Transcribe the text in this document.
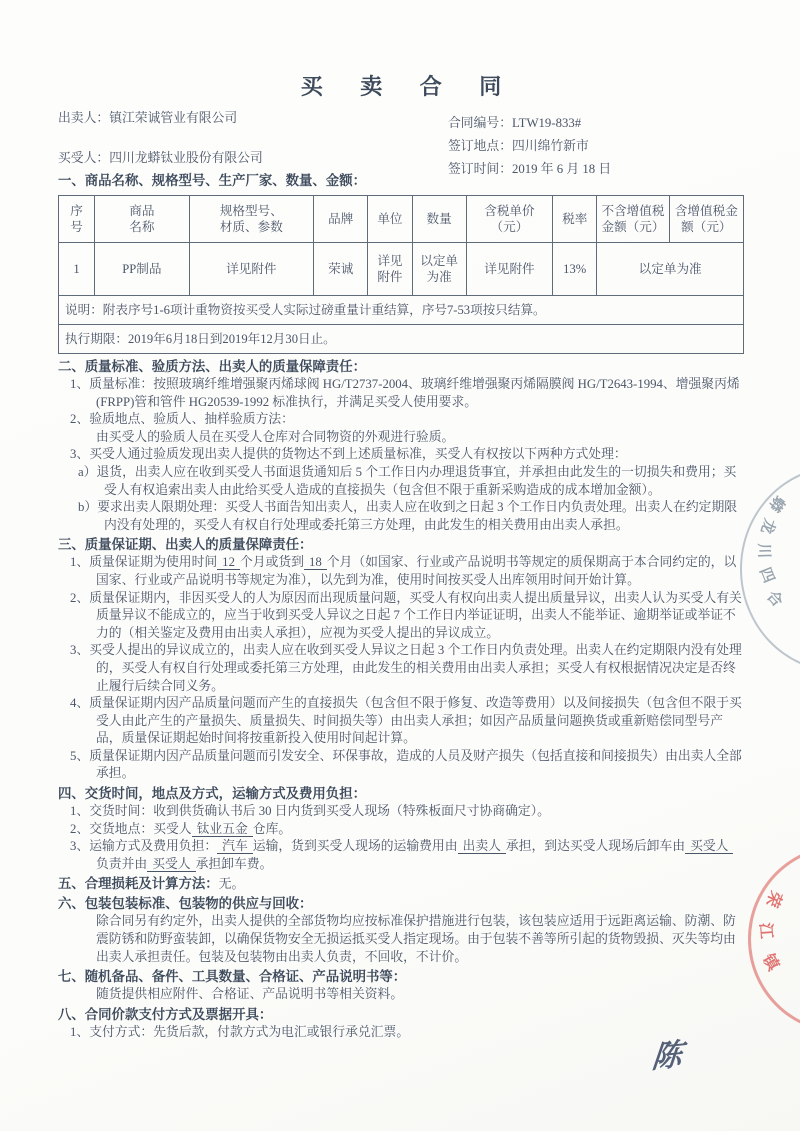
买 卖 合 同
出卖人：镇江荣诚管业有限公司	合同编号：LTW19-833#
签订地点：四川绵竹新市
签订时间：2019 年 6 月 18 日
买受人：四川龙蟒钛业股份有限公司
一、商品名称、规格型号、生产厂家、数量、金额：
序号	商品名称	规格型号、材质、参数	品牌	单位	数量	含税单价（元）	税率	不含增值税金额（元）	含增值税金额（元）
1	PP制品	详见附件	荣诚	详见附件	以定单为准	详见附件	13%	以定单为准	
说明：附表序号1-6项计重物资按买受人实际过磅重量计重结算，序号7-53项按只结算。									
执行期限：2019年6月18日到2019年12月30日止。									
二、质量标准、验质方法、出卖人的质量保障责任：
1、质量标准：按照玻璃纤维增强聚丙烯球阀 HG/T2737-2004、玻璃纤维增强聚丙烯隔膜阀 HG/T2643-1994、增强聚丙烯(FRPP)管和管件 HG20539-1992 标准执行，并满足买受人使用要求。
2、验质地点、验质人、抽样验质方法：
由买受人的验质人员在买受人仓库对合同物资的外观进行验质。
3、买受人通过验质发现出卖人提供的货物达不到上述质量标准，买受人有权按以下两种方式处理：
a）退货，出卖人应在收到买受人书面退货通知后 5 个工作日内办理退货事宜，并承担由此发生的一切损失和费用；买受人有权追索出卖人由此给买受人造成的直接损失（包含但不限于重新采购造成的成本增加金额）。
b）要求出卖人限期处理：买受人书面告知出卖人，出卖人应在收到之日起 3 个工作日内负责处理。出卖人在约定期限内没有处理的，买受人有权自行处理或委托第三方处理，由此发生的相关费用由出卖人承担。
三、质量保证期、出卖人的质量保障责任：
1、质量保证期为使用时间 12 个月或货到 18 个月（如国家、行业或产品说明书等规定的质保期高于本合同约定的，以国家、行业或产品说明书等规定为准），以先到为准，使用时间按买受人出库领用时间开始计算。
2、质量保证期内，非因买受人的人为原因而出现质量问题，买受人有权向出卖人提出质量异议，出卖人认为买受人有关质量异议不能成立的，应当于收到买受人异议之日起 7 个工作日内举证证明，出卖人不能举证、逾期举证或举证不力的（相关鉴定及费用由出卖人承担），应视为买受人提出的异议成立。
3、买受人提出的异议成立的，出卖人应在收到买受人异议之日起 3 个工作日内负责处理。出卖人在约定期限内没有处理的，买受人有权自行处理或委托第三方处理，由此发生的相关费用由出卖人承担；买受人有权根据情况决定是否终止履行后续合同义务。
4、质量保证期内因产品质量问题而产生的直接损失（包含但不限于修复、改造等费用）以及间接损失（包含但不限于买受人由此产生的产量损失、质量损失、时间损失等）由出卖人承担；如因产品质量问题换货或重新赔偿同型号产品，质量保证期起始时间将按重新投入使用时间起计算。
5、质量保证期内因产品质量问题而引发安全、环保事故，造成的人员及财产损失（包括直接和间接损失）由出卖人全部承担。
四、交货时间，地点及方式，运输方式及费用负担：
1、交货时间：收到供货确认书后 30 日内货到买受人现场（特殊板面尺寸协商确定）。
2、交货地点：买受人 钛业五金 仓库。
3、运输方式及费用负担： 汽车 运输，货到买受人现场的运输费用由 出卖人 承担，到达买受人现场后卸车由 买受人负责并由 买受人 承担卸车费。
五、合理损耗及计算方法：无。
六、包装包装标准、包装物的供应与回收：
除合同另有约定外，出卖人提供的全部货物均应按标准保护措施进行包装，该包装应适用于远距离运输、防潮、防震防锈和防野蛮装卸，以确保货物安全无损运抵买受人指定现场。由于包装不善等所引起的货物毁损、灭失等均由出卖人承担责任。包装及包装物由出卖人负责，不回收，不计价。
七、随机备品、备件、工具数量、合格证、产品说明书等：
随货提供相应附件、合格证、产品说明书等相关资料。
八、合同价款支付方式及票据开具：
1、支付方式：先货后款，付款方式为电汇或银行承兑汇票。
蟒
龙
川
四
合
荣
江
镇
陈
